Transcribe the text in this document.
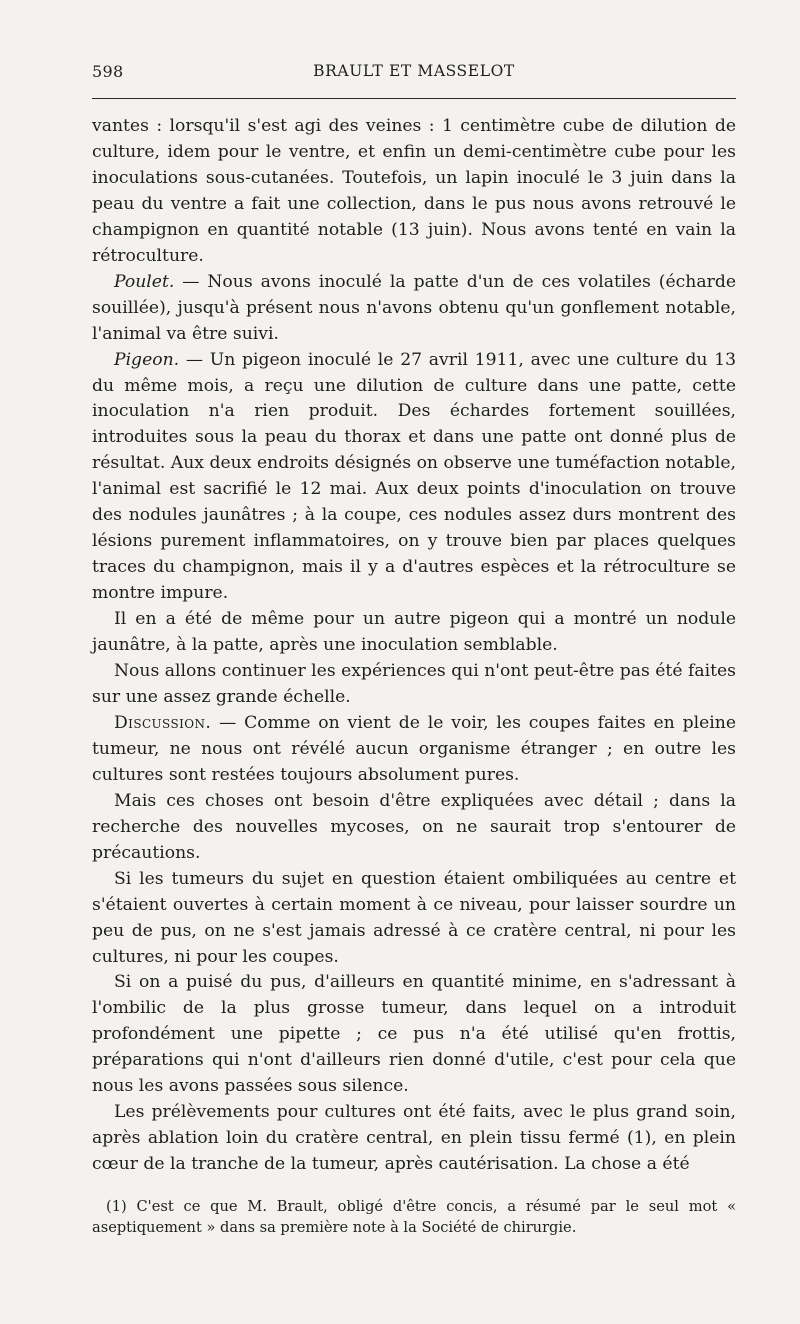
598	BRAULT ET MASSELOT

vantes : lorsqu'il s'est agi des veines : 1 centimètre cube de dilution de culture, idem pour le ventre, et enfin un demi-centimètre cube pour les inoculations sous-cutanées. Toutefois, un lapin inoculé le 3 juin dans la peau du ventre a fait une collection, dans le pus nous avons retrouvé le champignon en quantité notable (13 juin). Nous avons tenté en vain la rétroculture.

Poulet. — Nous avons inoculé la patte d'un de ces volatiles (écharde souillée), jusqu'à présent nous n'avons obtenu qu'un gonflement notable, l'animal va être suivi.

Pigeon. — Un pigeon inoculé le 27 avril 1911, avec une culture du 13 du même mois, a reçu une dilution de culture dans une patte, cette inoculation n'a rien produit. Des échardes fortement souillées, introduites sous la peau du thorax et dans une patte ont donné plus de résultat. Aux deux endroits désignés on observe une tuméfaction notable, l'animal est sacrifié le 12 mai. Aux deux points d'inoculation on trouve des nodules jaunâtres ; à la coupe, ces nodules assez durs montrent des lésions purement inflammatoires, on y trouve bien par places quelques traces du champignon, mais il y a d'autres espèces et la rétroculture se montre impure.

Il en a été de même pour un autre pigeon qui a montré un nodule jaunâtre, à la patte, après une inoculation semblable.

Nous allons continuer les expériences qui n'ont peut-être pas été faites sur une assez grande échelle.

Discussion. — Comme on vient de le voir, les coupes faites en pleine tumeur, ne nous ont révélé aucun organisme étranger ; en outre les cultures sont restées toujours absolument pures.

Mais ces choses ont besoin d'être expliquées avec détail ; dans la recherche des nouvelles mycoses, on ne saurait trop s'entourer de précautions.

Si les tumeurs du sujet en question étaient ombiliquées au centre et s'étaient ouvertes à certain moment à ce niveau, pour laisser sourdre un peu de pus, on ne s'est jamais adressé à ce cratère central, ni pour les cultures, ni pour les coupes.

Si on a puisé du pus, d'ailleurs en quantité minime, en s'adressant à l'ombilic de la plus grosse tumeur, dans lequel on a introduit profondément une pipette ; ce pus n'a été utilisé qu'en frottis, préparations qui n'ont d'ailleurs rien donné d'utile, c'est pour cela que nous les avons passées sous silence.

Les prélèvements pour cultures ont été faits, avec le plus grand soin, après ablation loin du cratère central, en plein tissu fermé (1), en plein cœur de la tranche de la tumeur, après cautérisation. La chose a été

(1) C'est ce que M. Brault, obligé d'être concis, a résumé par le seul mot « aseptiquement » dans sa première note à la Société de chirurgie.
